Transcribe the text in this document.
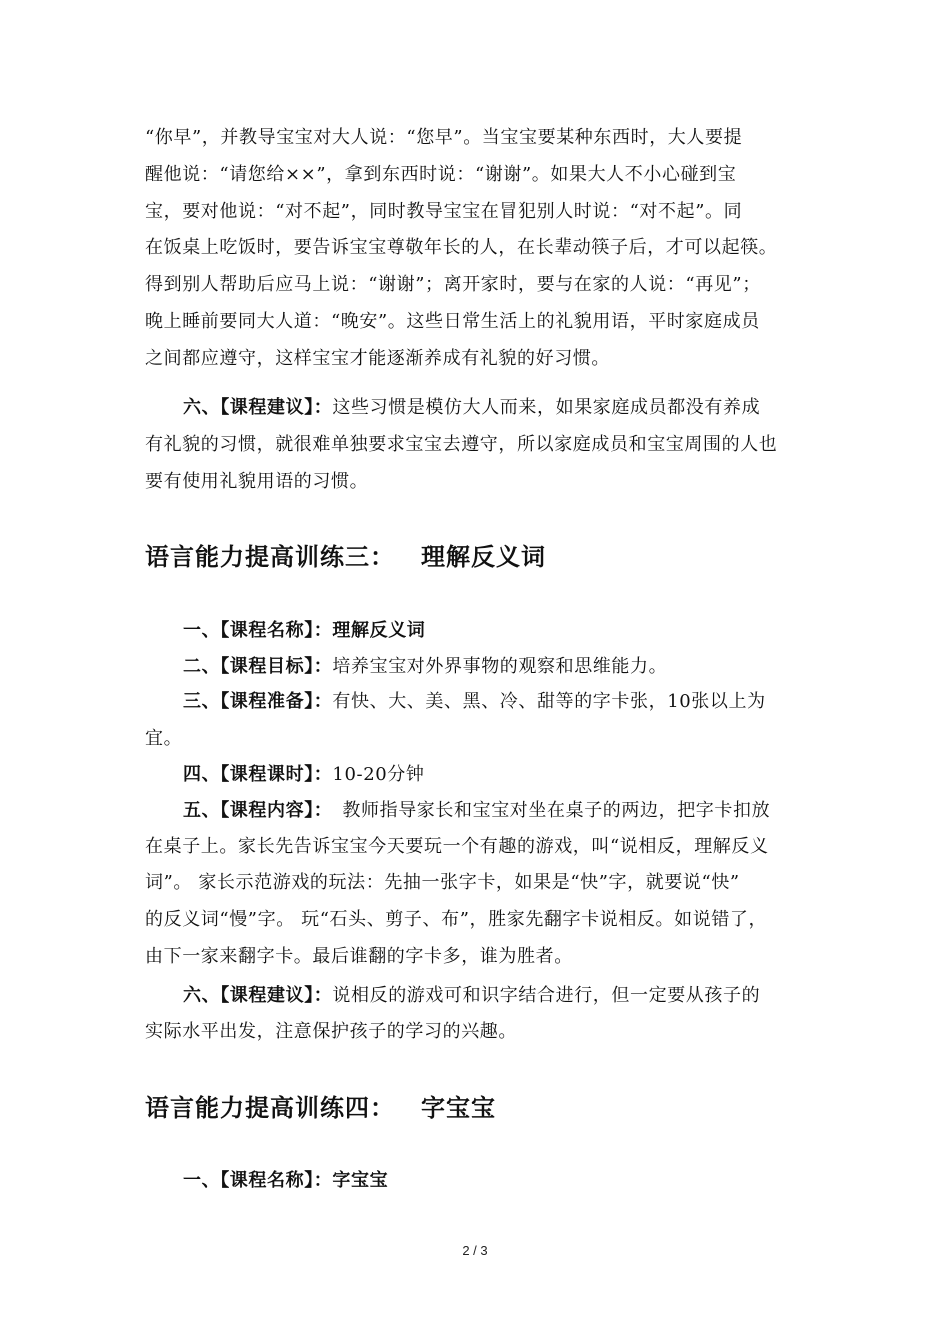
“你早”，并教导宝宝对大人说：“您早”。当宝宝要某种东西时，大人要提
醒他说：“请您给××”，拿到东西时说：“谢谢”。如果大人不小心碰到宝
宝，要对他说：“对不起”，同时教导宝宝在冒犯别人时说：“对不起”。同
在饭桌上吃饭时，要告诉宝宝尊敬年长的人，在长辈动筷子后，才可以起筷。
得到别人帮助后应马上说：“谢谢”；离开家时，要与在家的人说：“再见”；
晚上睡前要同大人道：“晚安”。这些日常生活上的礼貌用语，平时家庭成员
之间都应遵守，这样宝宝才能逐渐养成有礼貌的好习惯。
六、【课程建议】：这些习惯是模仿大人而来，如果家庭成员都没有养成
有礼貌的习惯，就很难单独要求宝宝去遵守，所以家庭成员和宝宝周围的人也
要有使用礼貌用语的习惯。
语言能力提高训练三： 理解反义词
一、【课程名称】：理解反义词
二、【课程目标】：培养宝宝对外界事物的观察和思维能力。
三、【课程准备】：有快、大、美、黑、冷、甜等的字卡张，10张以上为
宜。
四、【课程课时】：10-20分钟
五、【课程内容】： 教师指导家长和宝宝对坐在桌子的两边，把字卡扣放
在桌子上。家长先告诉宝宝今天要玩一个有趣的游戏，叫“说相反，理解反义
词”。 家长示范游戏的玩法：先抽一张字卡，如果是“快”字，就要说“快”
的反义词“慢”字。 玩“石头、剪子、布”，胜家先翻字卡说相反。如说错了，
由下一家来翻字卡。最后谁翻的字卡多，谁为胜者。
六、【课程建议】：说相反的游戏可和识字结合进行，但一定要从孩子的
实际水平出发，注意保护孩子的学习的兴趣。
语言能力提高训练四： 字宝宝
一、【课程名称】：字宝宝
2 / 3
